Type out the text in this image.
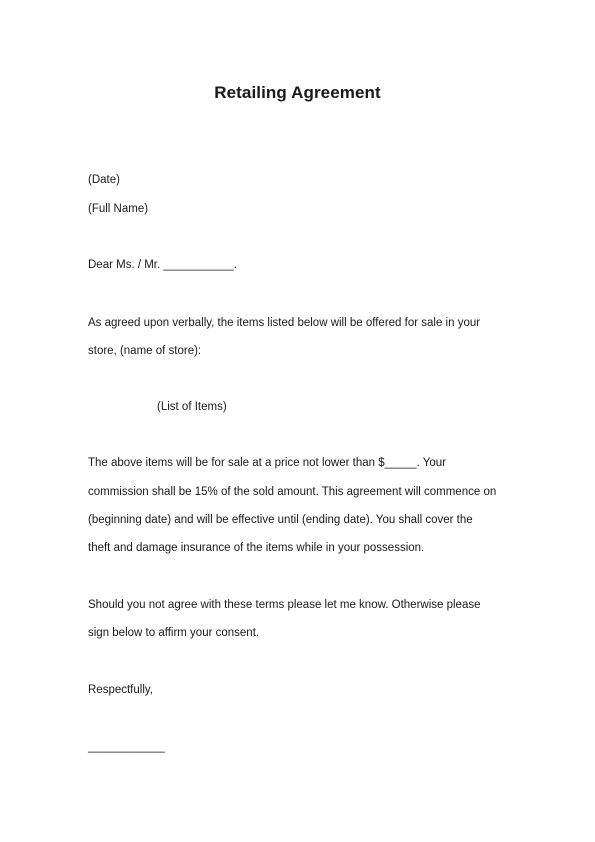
Retailing Agreement
(Date)
(Full Name)
Dear Ms. / Mr. ___________.
As agreed upon verbally, the items listed below will be offered for sale in your
store, (name of store):
(List of Items)
The above items will be for sale at a price not lower than $_____. Your
commission shall be 15% of the sold amount. This agreement will commence on
(beginning date) and will be effective until (ending date). You shall cover the
theft and damage insurance of the items while in your possession.
Should you not agree with these terms please let me know. Otherwise please
sign below to affirm your consent.
Respectfully,
____________
